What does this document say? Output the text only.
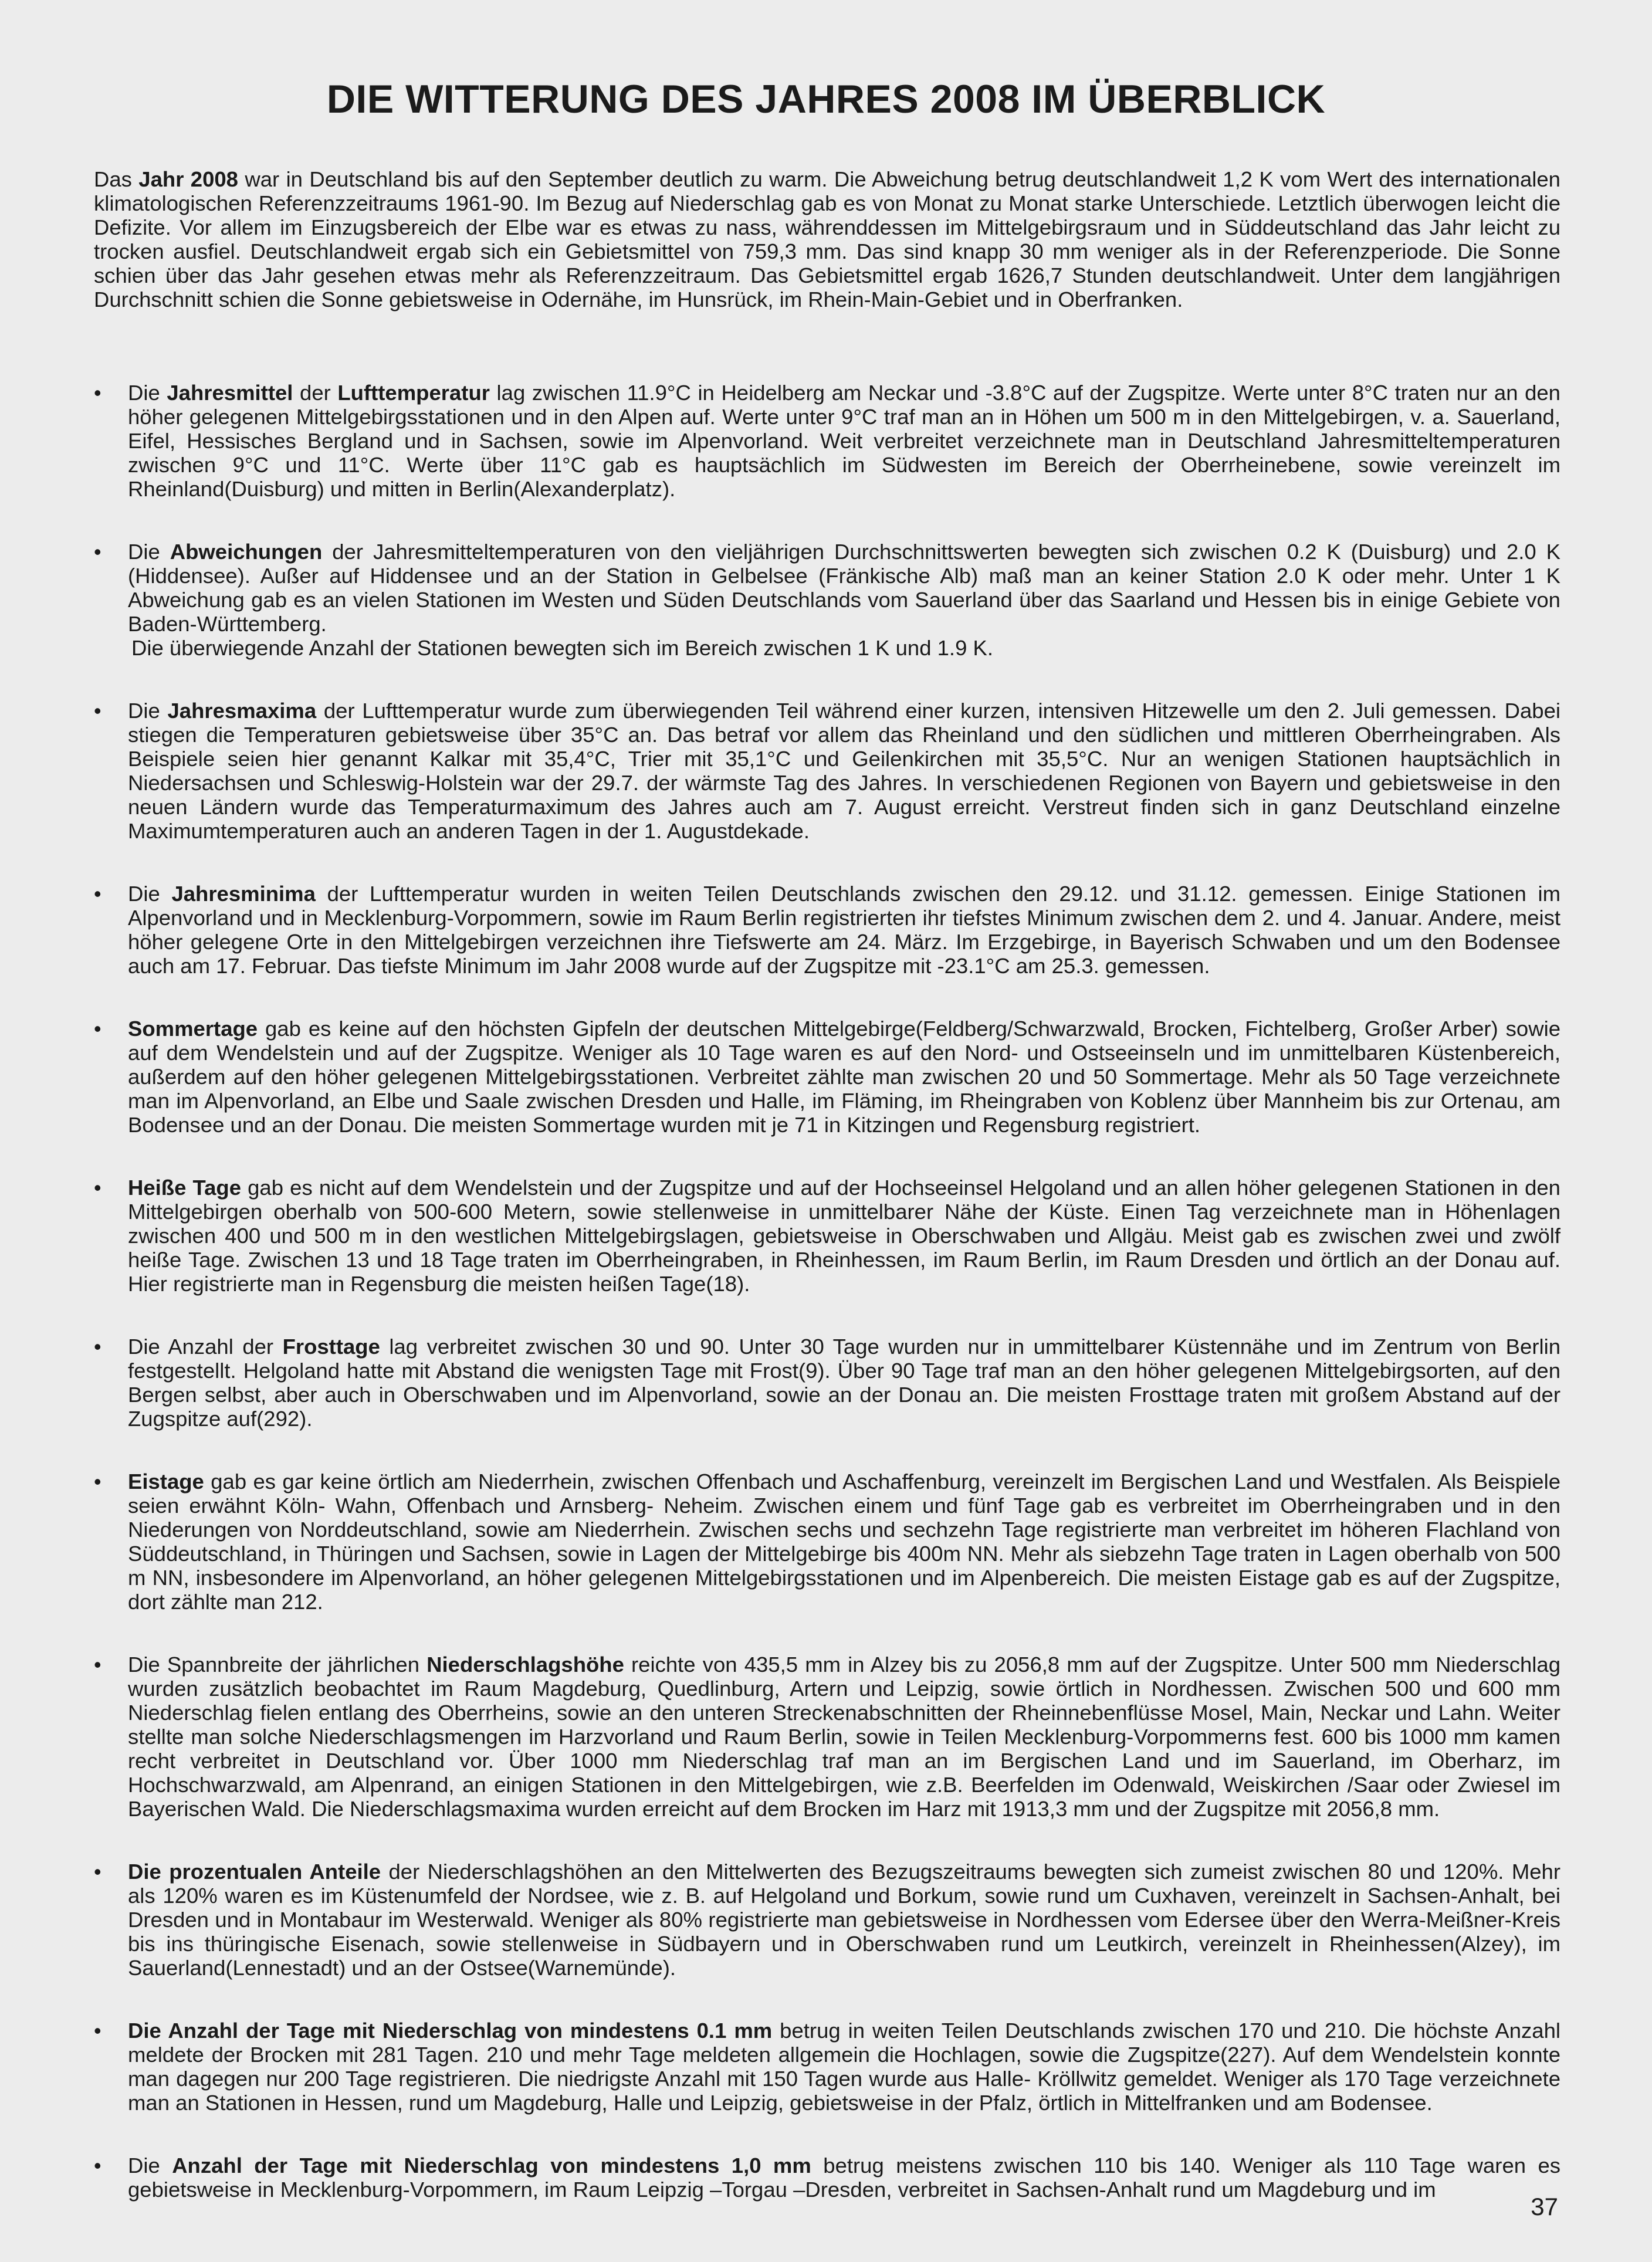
DIE WITTERUNG DES JAHRES 2008 IM ÜBERBLICK

Das Jahr 2008 war in Deutschland bis auf den September deutlich zu warm. Die Abweichung betrug deutschlandweit 1,2 K vom Wert des internationalen klimatologischen Referenzzeitraums 1961-90. Im Bezug auf Niederschlag gab es von Monat zu Monat starke Unterschiede. Letztlich überwogen leicht die Defizite. Vor allem im Einzugsbereich der Elbe war es etwas zu nass, währenddessen im Mittelgebirgsraum und in Süddeutschland das Jahr leicht zu trocken ausfiel. Deutschlandweit ergab sich ein Gebietsmittel von 759,3 mm. Das sind knapp 30 mm weniger als in der Referenzperiode. Die Sonne schien über das Jahr gesehen etwas mehr als Referenzzeitraum. Das Gebietsmittel ergab 1626,7 Stunden deutschlandweit. Unter dem langjährigen Durchschnitt schien die Sonne gebietsweise in Odernähe, im Hunsrück, im Rhein-Main-Gebiet und in Oberfranken.

• Die Jahresmittel der Lufttemperatur lag zwischen 11.9°C in Heidelberg am Neckar und -3.8°C auf der Zugspitze. Werte unter 8°C traten nur an den höher gelegenen Mittelgebirgsstationen und in den Alpen auf. Werte unter 9°C traf man an in Höhen um 500 m in den Mittelgebirgen, v. a. Sauerland, Eifel, Hessisches Bergland und in Sachsen, sowie im Alpenvorland. Weit verbreitet verzeichnete man in Deutschland Jahresmitteltemperaturen zwischen 9°C und 11°C. Werte über 11°C gab es hauptsächlich im Südwesten im Bereich der Oberrheinebene, sowie vereinzelt im Rheinland(Duisburg) und mitten in Berlin(Alexanderplatz).

• Die Abweichungen der Jahresmitteltemperaturen von den vieljährigen Durchschnittswerten bewegten sich zwischen 0.2 K (Duisburg) und 2.0 K (Hiddensee). Außer auf Hiddensee und an der Station in Gelbelsee (Fränkische Alb) maß man an keiner Station 2.0 K oder mehr. Unter 1 K Abweichung gab es an vielen Stationen im Westen und Süden Deutschlands vom Sauerland über das Saarland und Hessen bis in einige Gebiete von Baden-Württemberg.
Die überwiegende Anzahl der Stationen bewegten sich im Bereich zwischen 1 K und 1.9 K.

• Die Jahresmaxima der Lufttemperatur wurde zum überwiegenden Teil während einer kurzen, intensiven Hitzewelle um den 2. Juli gemessen. Dabei stiegen die Temperaturen gebietsweise über 35°C an. Das betraf vor allem das Rheinland und den südlichen und mittleren Oberrheingraben. Als Beispiele seien hier genannt Kalkar mit 35,4°C, Trier mit 35,1°C und Geilenkirchen mit 35,5°C. Nur an wenigen Stationen hauptsächlich in Niedersachsen und Schleswig-Holstein war der 29.7. der wärmste Tag des Jahres. In verschiedenen Regionen von Bayern und gebietsweise in den neuen Ländern wurde das Temperaturmaximum des Jahres auch am 7. August erreicht. Verstreut finden sich in ganz Deutschland einzelne Maximumtemperaturen auch an anderen Tagen in der 1. Augustdekade.

• Die Jahresminima der Lufttemperatur wurden in weiten Teilen Deutschlands zwischen den 29.12. und 31.12. gemessen. Einige Stationen im Alpenvorland und in Mecklenburg-Vorpommern, sowie im Raum Berlin registrierten ihr tiefstes Minimum zwischen dem 2. und 4. Januar. Andere, meist höher gelegene Orte in den Mittelgebirgen verzeichnen ihre Tiefswerte am 24. März. Im Erzgebirge, in Bayerisch Schwaben und um den Bodensee auch am 17. Februar. Das tiefste Minimum im Jahr 2008 wurde auf der Zugspitze mit -23.1°C am 25.3. gemessen.

• Sommertage gab es keine auf den höchsten Gipfeln der deutschen Mittelgebirge(Feldberg/Schwarzwald, Brocken, Fichtelberg, Großer Arber) sowie auf dem Wendelstein und auf der Zugspitze. Weniger als 10 Tage waren es auf den Nord- und Ostseeinseln und im unmittelbaren Küstenbereich, außerdem auf den höher gelegenen Mittelgebirgsstationen. Verbreitet zählte man zwischen 20 und 50 Sommertage. Mehr als 50 Tage verzeichnete man im Alpenvorland, an Elbe und Saale zwischen Dresden und Halle, im Fläming, im Rheingraben von Koblenz über Mannheim bis zur Ortenau, am Bodensee und an der Donau. Die meisten Sommertage wurden mit je 71 in Kitzingen und Regensburg registriert.

• Heiße Tage gab es nicht auf dem Wendelstein und der Zugspitze und auf der Hochseeinsel Helgoland und an allen höher gelegenen Stationen in den Mittelgebirgen oberhalb von 500-600 Metern, sowie stellenweise in unmittelbarer Nähe der Küste. Einen Tag verzeichnete man in Höhenlagen zwischen 400 und 500 m in den westlichen Mittelgebirgslagen, gebietsweise in Oberschwaben und Allgäu. Meist gab es zwischen zwei und zwölf heiße Tage. Zwischen 13 und 18 Tage traten im Oberrheingraben, in Rheinhessen, im Raum Berlin, im Raum Dresden und örtlich an der Donau auf. Hier registrierte man in Regensburg die meisten heißen Tage(18).

• Die Anzahl der Frosttage lag verbreitet zwischen 30 und 90. Unter 30 Tage wurden nur in ummittelbarer Küstennähe und im Zentrum von Berlin festgestellt. Helgoland hatte mit Abstand die wenigsten Tage mit Frost(9). Über 90 Tage traf man an den höher gelegenen Mittelgebirgsorten, auf den Bergen selbst, aber auch in Oberschwaben und im Alpenvorland, sowie an der Donau an. Die meisten Frosttage traten mit großem Abstand auf der Zugspitze auf(292).

• Eistage gab es gar keine örtlich am Niederrhein, zwischen Offenbach und Aschaffenburg, vereinzelt im Bergischen Land und Westfalen. Als Beispiele seien erwähnt Köln- Wahn, Offenbach und Arnsberg- Neheim. Zwischen einem und fünf Tage gab es verbreitet im Oberrheingraben und in den Niederungen von Norddeutschland, sowie am Niederrhein. Zwischen sechs und sechzehn Tage registrierte man verbreitet im höheren Flachland von Süddeutschland, in Thüringen und Sachsen, sowie in Lagen der Mittelgebirge bis 400m NN. Mehr als siebzehn Tage traten in Lagen oberhalb von 500 m NN, insbesondere im Alpenvorland, an höher gelegenen Mittelgebirgsstationen und im Alpenbereich. Die meisten Eistage gab es auf der Zugspitze, dort zählte man 212.

• Die Spannbreite der jährlichen Niederschlagshöhe reichte von 435,5 mm in Alzey bis zu 2056,8 mm auf der Zugspitze. Unter 500 mm Niederschlag wurden zusätzlich beobachtet im Raum Magdeburg, Quedlinburg, Artern und Leipzig, sowie örtlich in Nordhessen. Zwischen 500 und 600 mm Niederschlag fielen entlang des Oberrheins, sowie an den unteren Streckenabschnitten der Rheinnebenflüsse Mosel, Main, Neckar und Lahn. Weiter stellte man solche Niederschlagsmengen im Harzvorland und Raum Berlin, sowie in Teilen Mecklenburg-Vorpommerns fest. 600 bis 1000 mm kamen recht verbreitet in Deutschland vor. Über 1000 mm Niederschlag traf man an im Bergischen Land und im Sauerland, im Oberharz, im Hochschwarzwald, am Alpenrand, an einigen Stationen in den Mittelgebirgen, wie z.B. Beerfelden im Odenwald, Weiskirchen /Saar oder Zwiesel im Bayerischen Wald. Die Niederschlagsmaxima wurden erreicht auf dem Brocken im Harz mit 1913,3 mm und der Zugspitze mit 2056,8 mm.

• Die prozentualen Anteile der Niederschlagshöhen an den Mittelwerten des Bezugszeitraums bewegten sich zumeist zwischen 80 und 120%. Mehr als 120% waren es im Küstenumfeld der Nordsee, wie z. B. auf Helgoland und Borkum, sowie rund um Cuxhaven, vereinzelt in Sachsen-Anhalt, bei Dresden und in Montabaur im Westerwald. Weniger als 80% registrierte man gebietsweise in Nordhessen vom Edersee über den Werra-Meißner-Kreis bis ins thüringische Eisenach, sowie stellenweise in Südbayern und in Oberschwaben rund um Leutkirch, vereinzelt in Rheinhessen(Alzey), im Sauerland(Lennestadt) und an der Ostsee(Warnemünde).

• Die Anzahl der Tage mit Niederschlag von mindestens 0.1 mm betrug in weiten Teilen Deutschlands zwischen 170 und 210. Die höchste Anzahl meldete der Brocken mit 281 Tagen. 210 und mehr Tage meldeten allgemein die Hochlagen, sowie die Zugspitze(227). Auf dem Wendelstein konnte man dagegen nur 200 Tage registrieren. Die niedrigste Anzahl mit 150 Tagen wurde aus Halle- Kröllwitz gemeldet. Weniger als 170 Tage verzeichnete man an Stationen in Hessen, rund um Magdeburg, Halle und Leipzig, gebietsweise in der Pfalz, örtlich in Mittelfranken und am Bodensee.

• Die Anzahl der Tage mit Niederschlag von mindestens 1,0 mm betrug meistens zwischen 110 bis 140. Weniger als 110 Tage waren es gebietsweise in Mecklenburg-Vorpommern, im Raum Leipzig –Torgau –Dresden, verbreitet in Sachsen-Anhalt rund um Magdeburg und im

37
